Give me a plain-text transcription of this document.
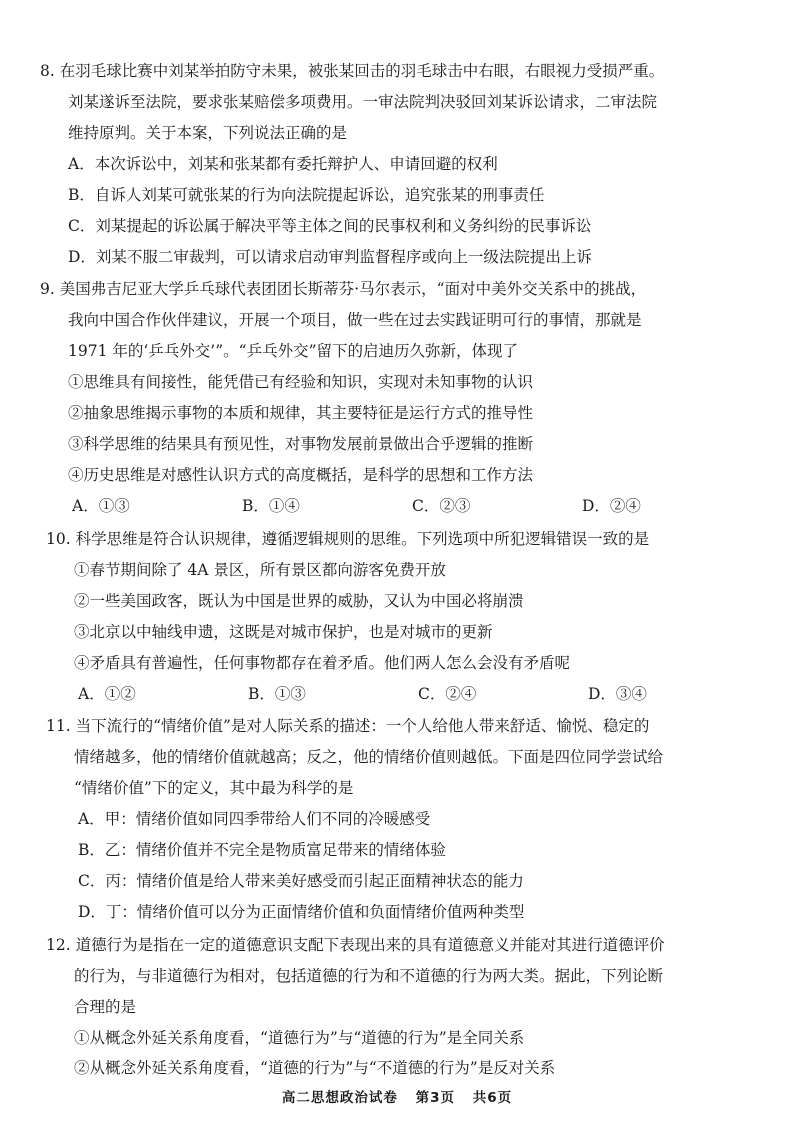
8. 在羽毛球比赛中刘某举拍防守未果，被张某回击的羽毛球击中右眼，右眼视力受损严重。
刘某遂诉至法院，要求张某赔偿多项费用。一审法院判决驳回刘某诉讼请求，二审法院
维持原判。关于本案，下列说法正确的是
A．本次诉讼中，刘某和张某都有委托辩护人、申请回避的权利
B．自诉人刘某可就张某的行为向法院提起诉讼，追究张某的刑事责任
C．刘某提起的诉讼属于解决平等主体之间的民事权利和义务纠纷的民事诉讼
D．刘某不服二审裁判，可以请求启动审判监督程序或向上一级法院提出上诉
9. 美国弗吉尼亚大学乒乓球代表团团长斯蒂芬·马尔表示，“面对中美外交关系中的挑战，
我向中国合作伙伴建议，开展一个项目，做一些在过去实践证明可行的事情，那就是
1971 年的‘乒乓外交’”。“乒乓外交”留下的启迪历久弥新，体现了
①思维具有间接性，能凭借已有经验和知识，实现对未知事物的认识
②抽象思维揭示事物的本质和规律，其主要特征是运行方式的推导性
③科学思维的结果具有预见性，对事物发展前景做出合乎逻辑的推断
④历史思维是对感性认识方式的高度概括，是科学的思想和工作方法
A．①③	B．①④	C．②③	D．②④
10. 科学思维是符合认识规律，遵循逻辑规则的思维。下列选项中所犯逻辑错误一致的是
①春节期间除了 4A 景区，所有景区都向游客免费开放
②一些美国政客，既认为中国是世界的威胁，又认为中国必将崩溃
③北京以中轴线申遗，这既是对城市保护，也是对城市的更新
④矛盾具有普遍性，任何事物都存在着矛盾。他们两人怎么会没有矛盾呢
A．①②	B．①③	C．②④	D．③④
11. 当下流行的“情绪价值”是对人际关系的描述：一个人给他人带来舒适、愉悦、稳定的
情绪越多，他的情绪价值就越高；反之，他的情绪价值则越低。下面是四位同学尝试给
“情绪价值”下的定义，其中最为科学的是
A．甲：情绪价值如同四季带给人们不同的冷暖感受
B．乙：情绪价值并不完全是物质富足带来的情绪体验
C．丙：情绪价值是给人带来美好感受而引起正面精神状态的能力
D．丁：情绪价值可以分为正面情绪价值和负面情绪价值两种类型
12. 道德行为是指在一定的道德意识支配下表现出来的具有道德意义并能对其进行道德评价
的行为，与非道德行为相对，包括道德的行为和不道德的行为两大类。据此，下列论断
合理的是
①从概念外延关系角度看，“道德行为”与“道德的行为”是全同关系
②从概念外延关系角度看，“道德的行为”与“不道德的行为”是反对关系
高二思想政治试卷 第3页 共6页
